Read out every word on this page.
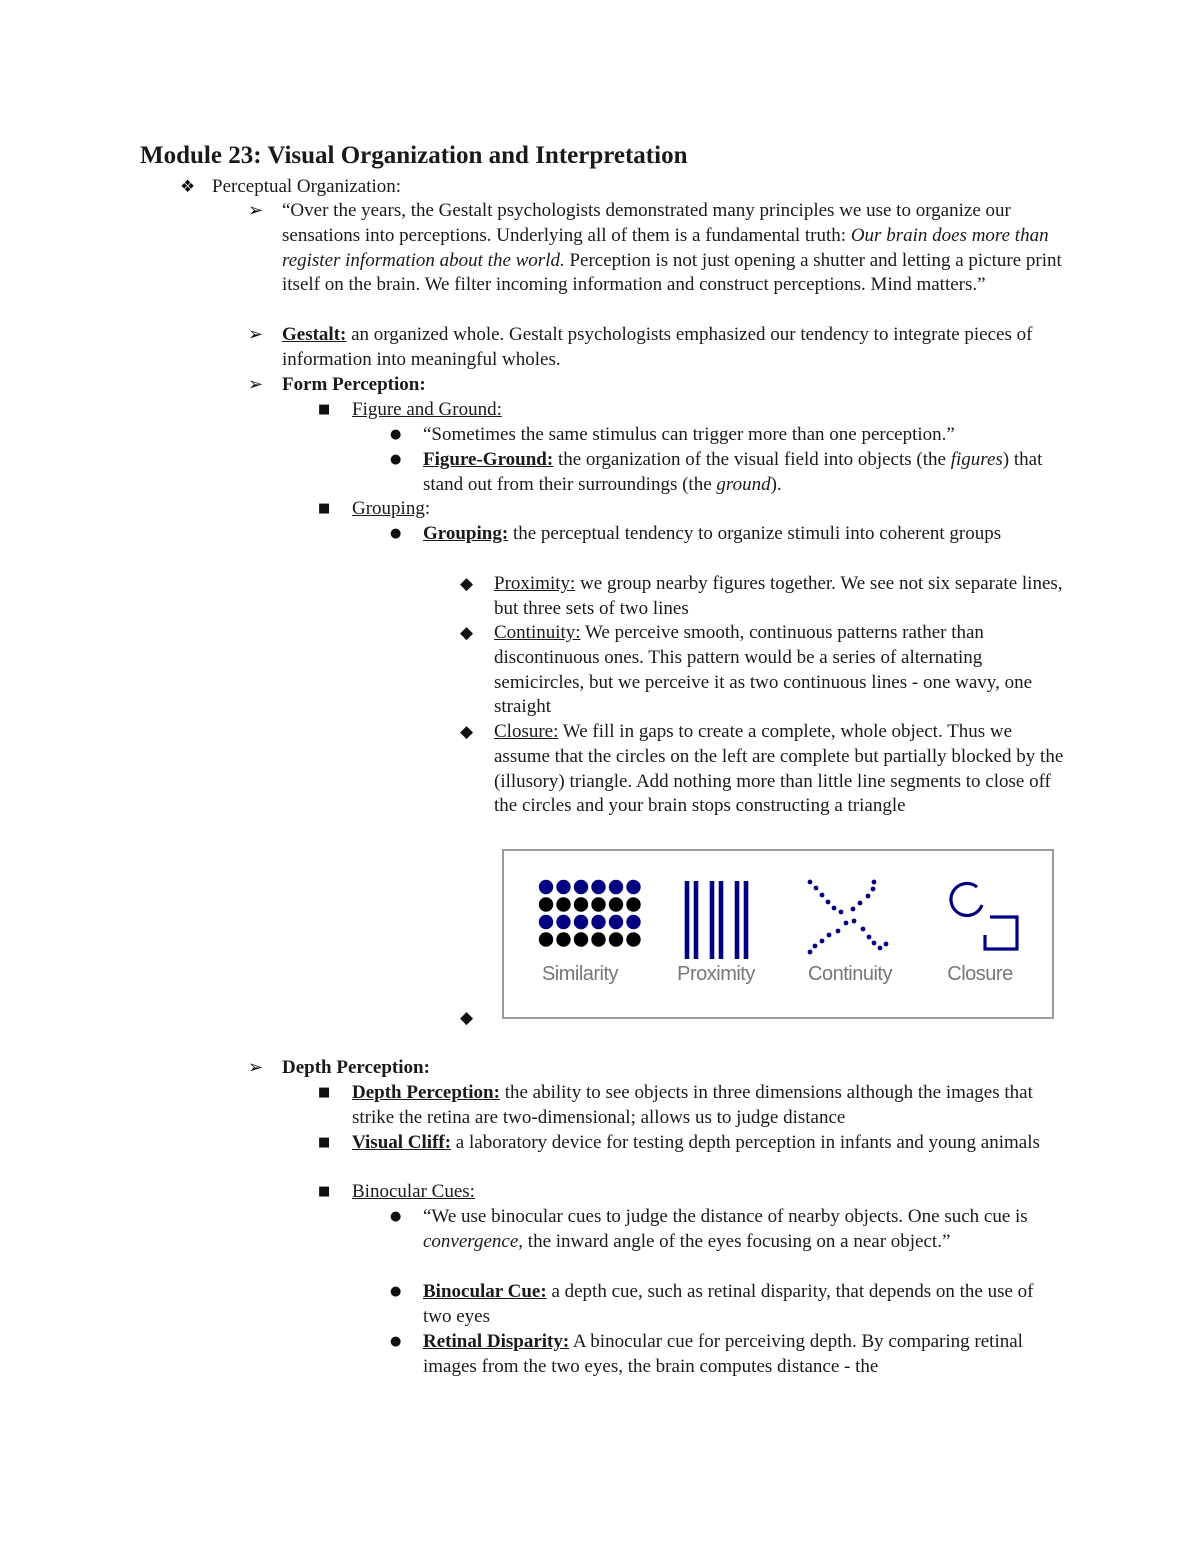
Module 23: Visual Organization and Interpretation
❖ Perceptual Organization:

➢ “Over the years, the Gestalt psychologists demonstrated many principles we use to organize our sensations into perceptions. Underlying all of them is a fundamental truth: Our brain does more than register information about the world. Perception is not just opening a shutter and letting a picture print itself on the brain. We filter incoming information and construct perceptions. Mind matters.”

➢ Gestalt: an organized whole. Gestalt psychologists emphasized our tendency to integrate pieces of information into meaningful wholes.

➢ Form Perception:

■ Figure and Ground:

● “Sometimes the same stimulus can trigger more than one perception.”

● Figure-Ground: the organization of the visual field into objects (the figures) that stand out from their surroundings (the ground).

■ Grouping:

● Grouping: the perceptual tendency to organize stimuli into coherent groups

◆ Proximity: we group nearby figures together. We see not six separate lines, but three sets of two lines

◆ Continuity: We perceive smooth, continuous patterns rather than discontinuous ones. This pattern would be a series of alternating semicircles, but we perceive it as two continuous lines - one wavy, one straight

◆ Closure: We fill in gaps to create a complete, whole object. Thus we assume that the circles on the left are complete but partially blocked by the (illusory) triangle. Add nothing more than little line segments to close off the circles and your brain stops constructing a triangle

Similarity	Proximity	Continuity	Closure
◆
➢ Depth Perception:

■ Depth Perception: the ability to see objects in three dimensions although the images that strike the retina are two-dimensional; allows us to judge distance

■ Visual Cliff: a laboratory device for testing depth perception in infants and young animals

■ Binocular Cues:

● “We use binocular cues to judge the distance of nearby objects. One such cue is convergence, the inward angle of the eyes focusing on a near object.”

● Binocular Cue: a depth cue, such as retinal disparity, that depends on the use of two eyes

● Retinal Disparity: A binocular cue for perceiving depth. By comparing retinal images from the two eyes, the brain computes distance - the
